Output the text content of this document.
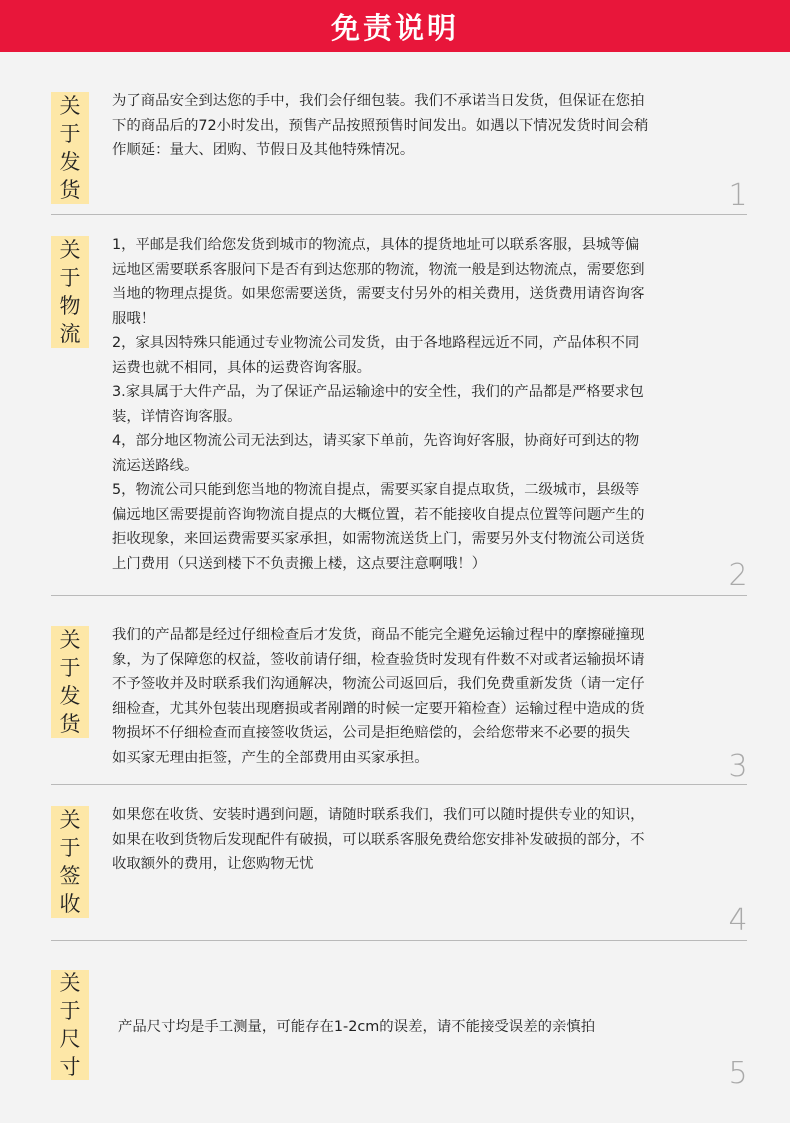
免责说明
关
于
发
货
为了商品安全到达您的手中，我们会仔细包装。我们不承诺当日发货，但保证在您拍
下的商品后的72小时发出，预售产品按照预售时间发出。如遇以下情况发货时间会稍
作顺延：量大、团购、节假日及其他特殊情况。
1
关
于
物
流
1，平邮是我们给您发货到城市的物流点，具体的提货地址可以联系客服，县城等偏
远地区需要联系客服问下是否有到达您那的物流，物流一般是到达物流点，需要您到
当地的物理点提货。如果您需要送货，需要支付另外的相关费用，送货费用请咨询客
服哦！
2，家具因特殊只能通过专业物流公司发货，由于各地路程远近不同，产品体积不同
运费也就不相同，具体的运费咨询客服。
3.家具属于大件产品，为了保证产品运输途中的安全性，我们的产品都是严格要求包
装，详情咨询客服。
4，部分地区物流公司无法到达，请买家下单前，先咨询好客服，协商好可到达的物
流运送路线。
5，物流公司只能到您当地的物流自提点，需要买家自提点取货，二级城市，县级等
偏远地区需要提前咨询物流自提点的大概位置，若不能接收自提点位置等问题产生的
拒收现象，来回运费需要买家承担，如需物流送货上门，需要另外支付物流公司送货
上门费用（只送到楼下不负责搬上楼，这点要注意啊哦！）	2
关
于
发
货
我们的产品都是经过仔细检查后才发货，商品不能完全避免运输过程中的摩擦碰撞现
象，为了保障您的权益，签收前请仔细，检查验货时发现有件数不对或者运输损坏请
不予签收并及时联系我们沟通解决，物流公司返回后，我们免费重新发货（请一定仔
细检查，尤其外包装出现磨损或者剐蹭的时候一定要开箱检查）运输过程中造成的货
物损坏不仔细检查而直接签收货运，公司是拒绝赔偿的，会给您带来不必要的损失
如买家无理由拒签，产生的全部费用由买家承担。	3
关
于
签
收
如果您在收货、安装时遇到问题，请随时联系我们，我们可以随时提供专业的知识，
如果在收到货物后发现配件有破损，可以联系客服免费给您安排补发破损的部分，不
收取额外的费用，让您购物无忧
4
关
于
尺
寸
产品尺寸均是手工测量，可能存在1-2cm的误差，请不能接受误差的亲慎拍
5
